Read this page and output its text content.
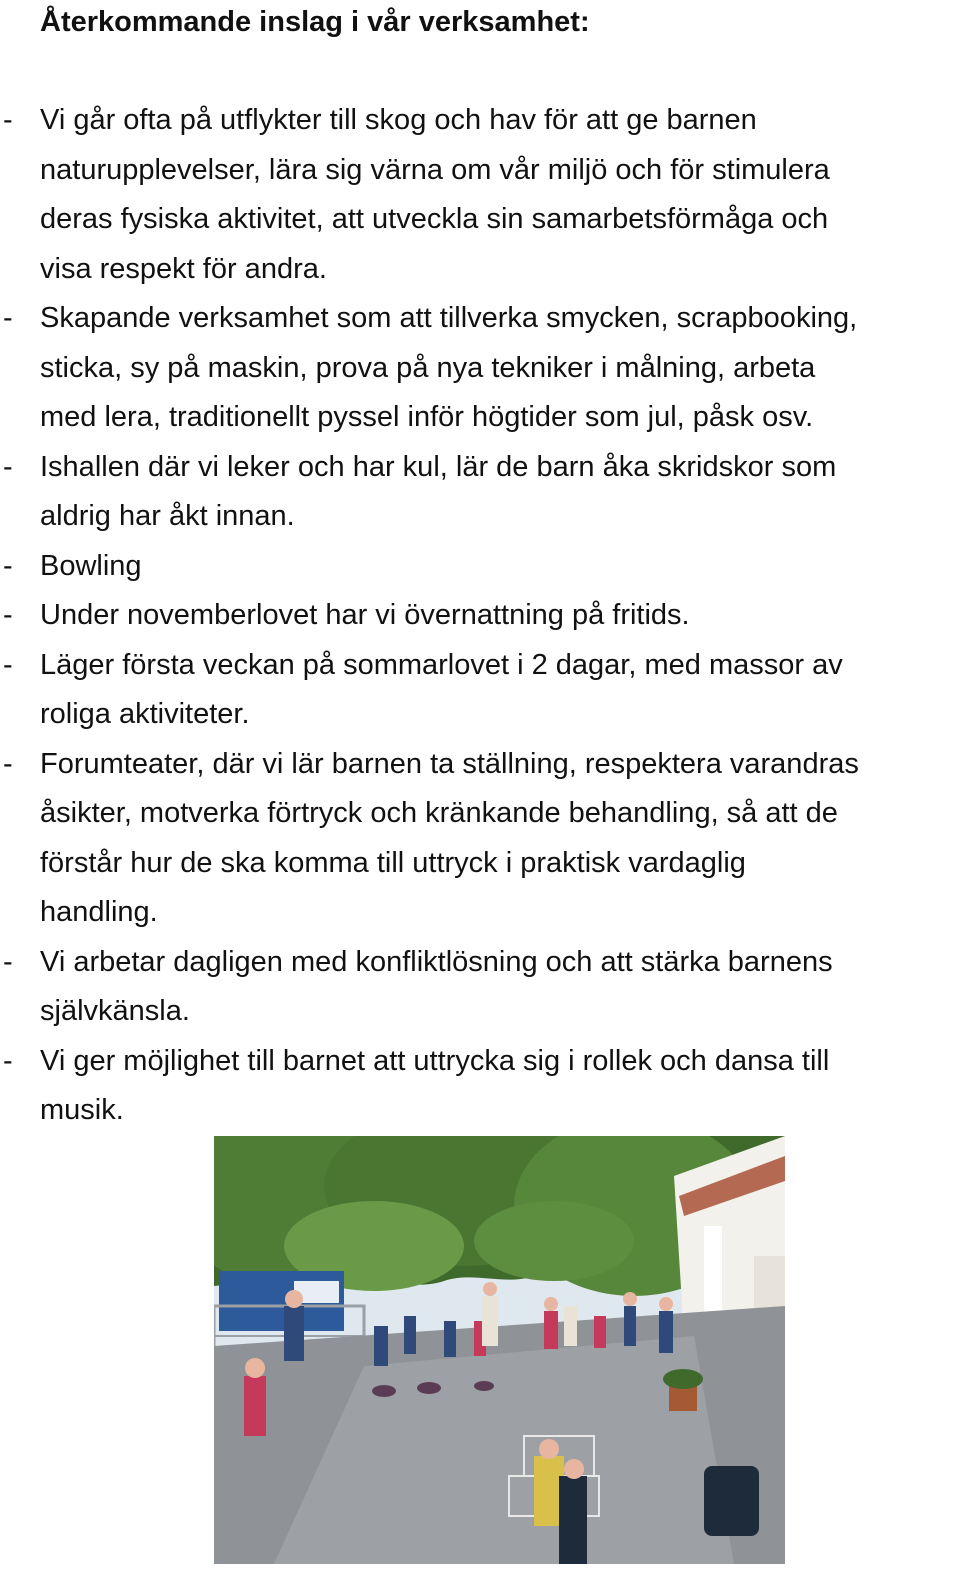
Återkommande inslag i vår verksamhet:
- Vi går ofta på utflykter till skog och hav för att ge barnen
naturupplevelser, lära sig värna om vår miljö och för stimulera
deras fysiska aktivitet, att utveckla sin samarbetsförmåga och
visa respekt för andra.
- Skapande verksamhet som att tillverka smycken, scrapbooking,
sticka, sy på maskin, prova på nya tekniker i målning, arbeta
med lera, traditionellt pyssel inför högtider som jul, påsk osv.
- Ishallen där vi leker och har kul, lär de barn åka skridskor som
aldrig har åkt innan.
- Bowling
- Under novemberlovet har vi övernattning på fritids.
- Läger första veckan på sommarlovet i 2 dagar, med massor av
roliga aktiviteter.
- Forumteater, där vi lär barnen ta ställning, respektera varandras
åsikter, motverka förtryck och kränkande behandling, så att de
förstår hur de ska komma till uttryck i praktisk vardaglig
handling.
- Vi arbetar dagligen med konfliktlösning och att stärka barnens
självkänsla.
- Vi ger möjlighet till barnet att uttrycka sig i rollek och dansa till
musik.
